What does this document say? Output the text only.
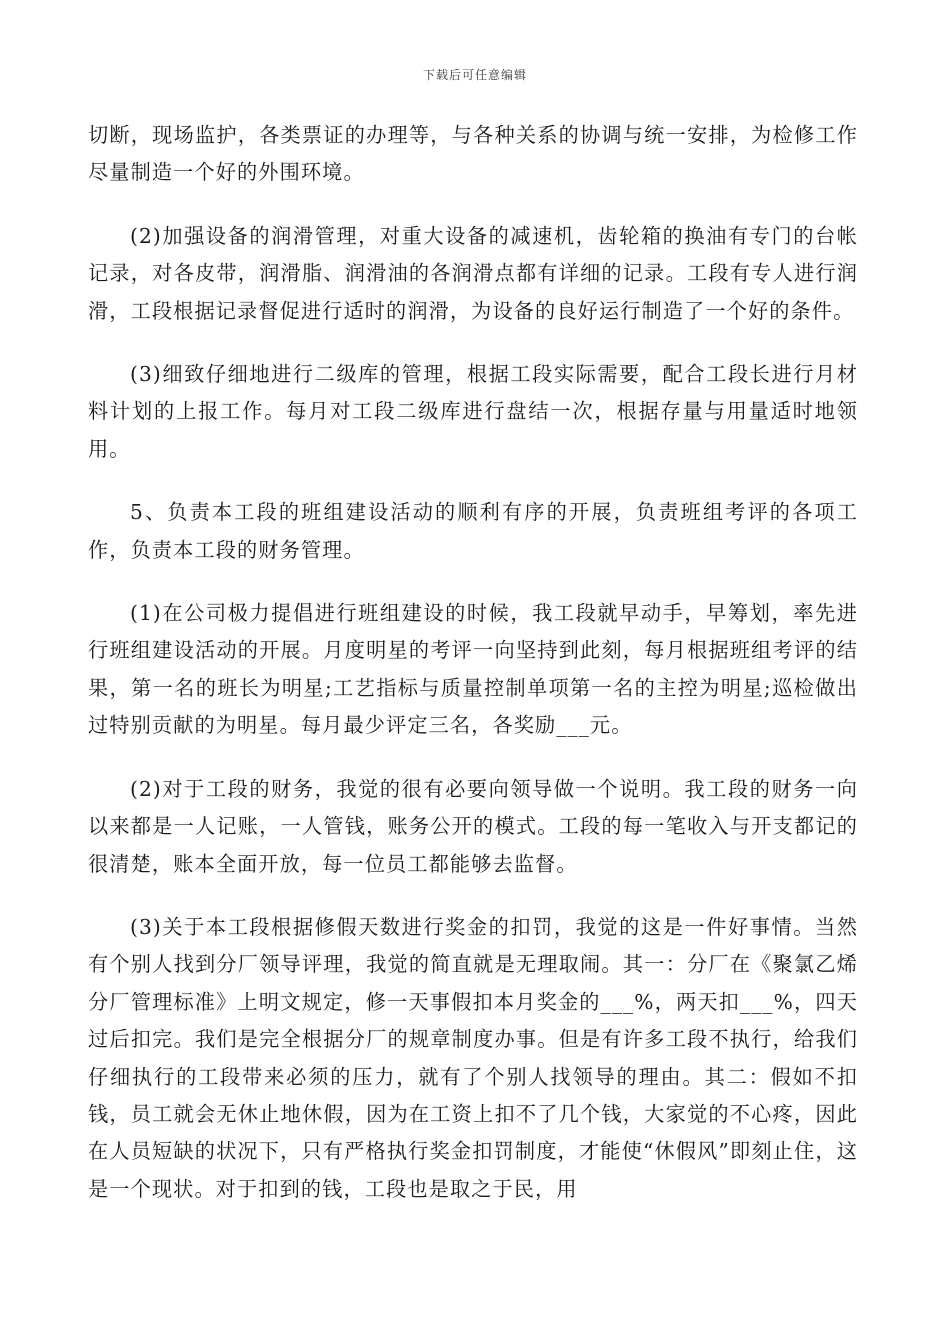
下载后可任意编辑

切断，现场监护，各类票证的办理等，与各种关系的协调与统一安排，为检修工作尽量制造一个好的外围环境。

(2)加强设备的润滑管理，对重大设备的减速机，齿轮箱的换油有专门的台帐记录，对各皮带，润滑脂、润滑油的各润滑点都有详细的记录。工段有专人进行润滑，工段根据记录督促进行适时的润滑，为设备的良好运行制造了一个好的条件。

(3)细致仔细地进行二级库的管理，根据工段实际需要，配合工段长进行月材料计划的上报工作。每月对工段二级库进行盘结一次，根据存量与用量适时地领用。

5、负责本工段的班组建设活动的顺利有序的开展，负责班组考评的各项工作，负责本工段的财务管理。

(1)在公司极力提倡进行班组建设的时候，我工段就早动手，早筹划，率先进行班组建设活动的开展。月度明星的考评一向坚持到此刻，每月根据班组考评的结果，第一名的班长为明星;工艺指标与质量控制单项第一名的主控为明星;巡检做出过特别贡献的为明星。每月最少评定三名，各奖励___元。

(2)对于工段的财务，我觉的很有必要向领导做一个说明。我工段的财务一向以来都是一人记账，一人管钱，账务公开的模式。工段的每一笔收入与开支都记的很清楚，账本全面开放，每一位员工都能够去监督。

(3)关于本工段根据修假天数进行奖金的扣罚，我觉的这是一件好事情。当然有个别人找到分厂领导评理，我觉的简直就是无理取闹。其一：分厂在《聚氯乙烯分厂管理标准》上明文规定，修一天事假扣本月奖金的___%，两天扣___%，四天过后扣完。我们是完全根据分厂的规章制度办事。但是有许多工段不执行，给我们仔细执行的工段带来必须的压力，就有了个别人找领导的理由。其二：假如不扣钱，员工就会无休止地休假，因为在工资上扣不了几个钱，大家觉的不心疼，因此在人员短缺的状况下，只有严格执行奖金扣罚制度，才能使“休假风”即刻止住，这是一个现状。对于扣到的钱，工段也是取之于民，用
